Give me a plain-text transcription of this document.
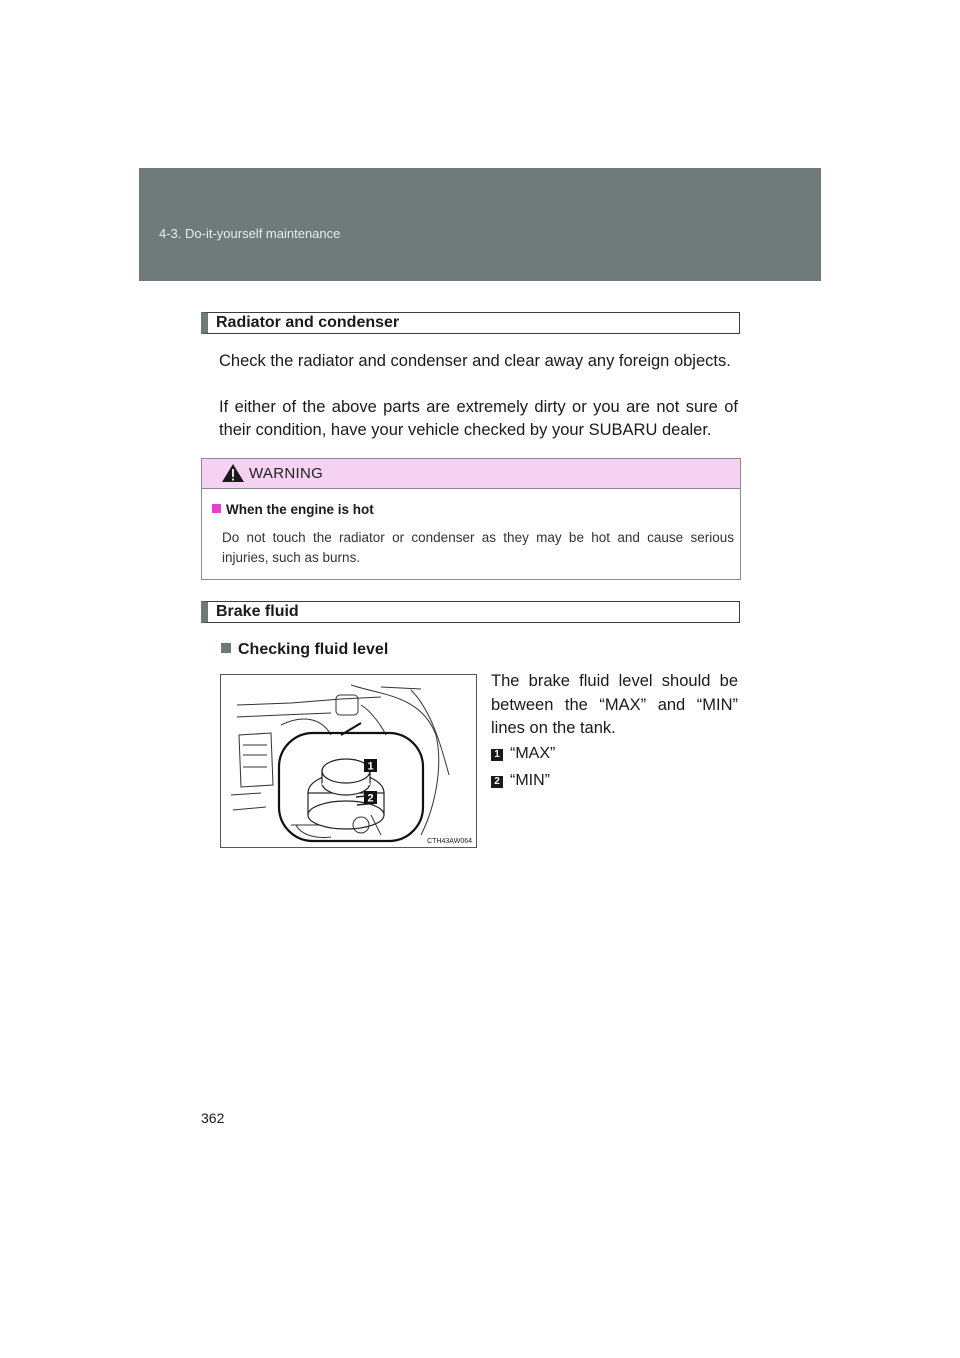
4-3. Do-it-yourself maintenance
Radiator and condenser
Check the radiator and condenser and clear away any foreign objects.
If either of the above parts are extremely dirty or you are not sure of their condition, have your vehicle checked by your SUBARU dealer.
WARNING
When the engine is hot
Do not touch the radiator or condenser as they may be hot and cause serious injuries, such as burns.
Brake fluid
Checking fluid level
1
2
CTH43AW064
The brake fluid level should be between the “MAX” and “MIN” lines on the tank.
1 “MAX”
2 “MIN”
362
